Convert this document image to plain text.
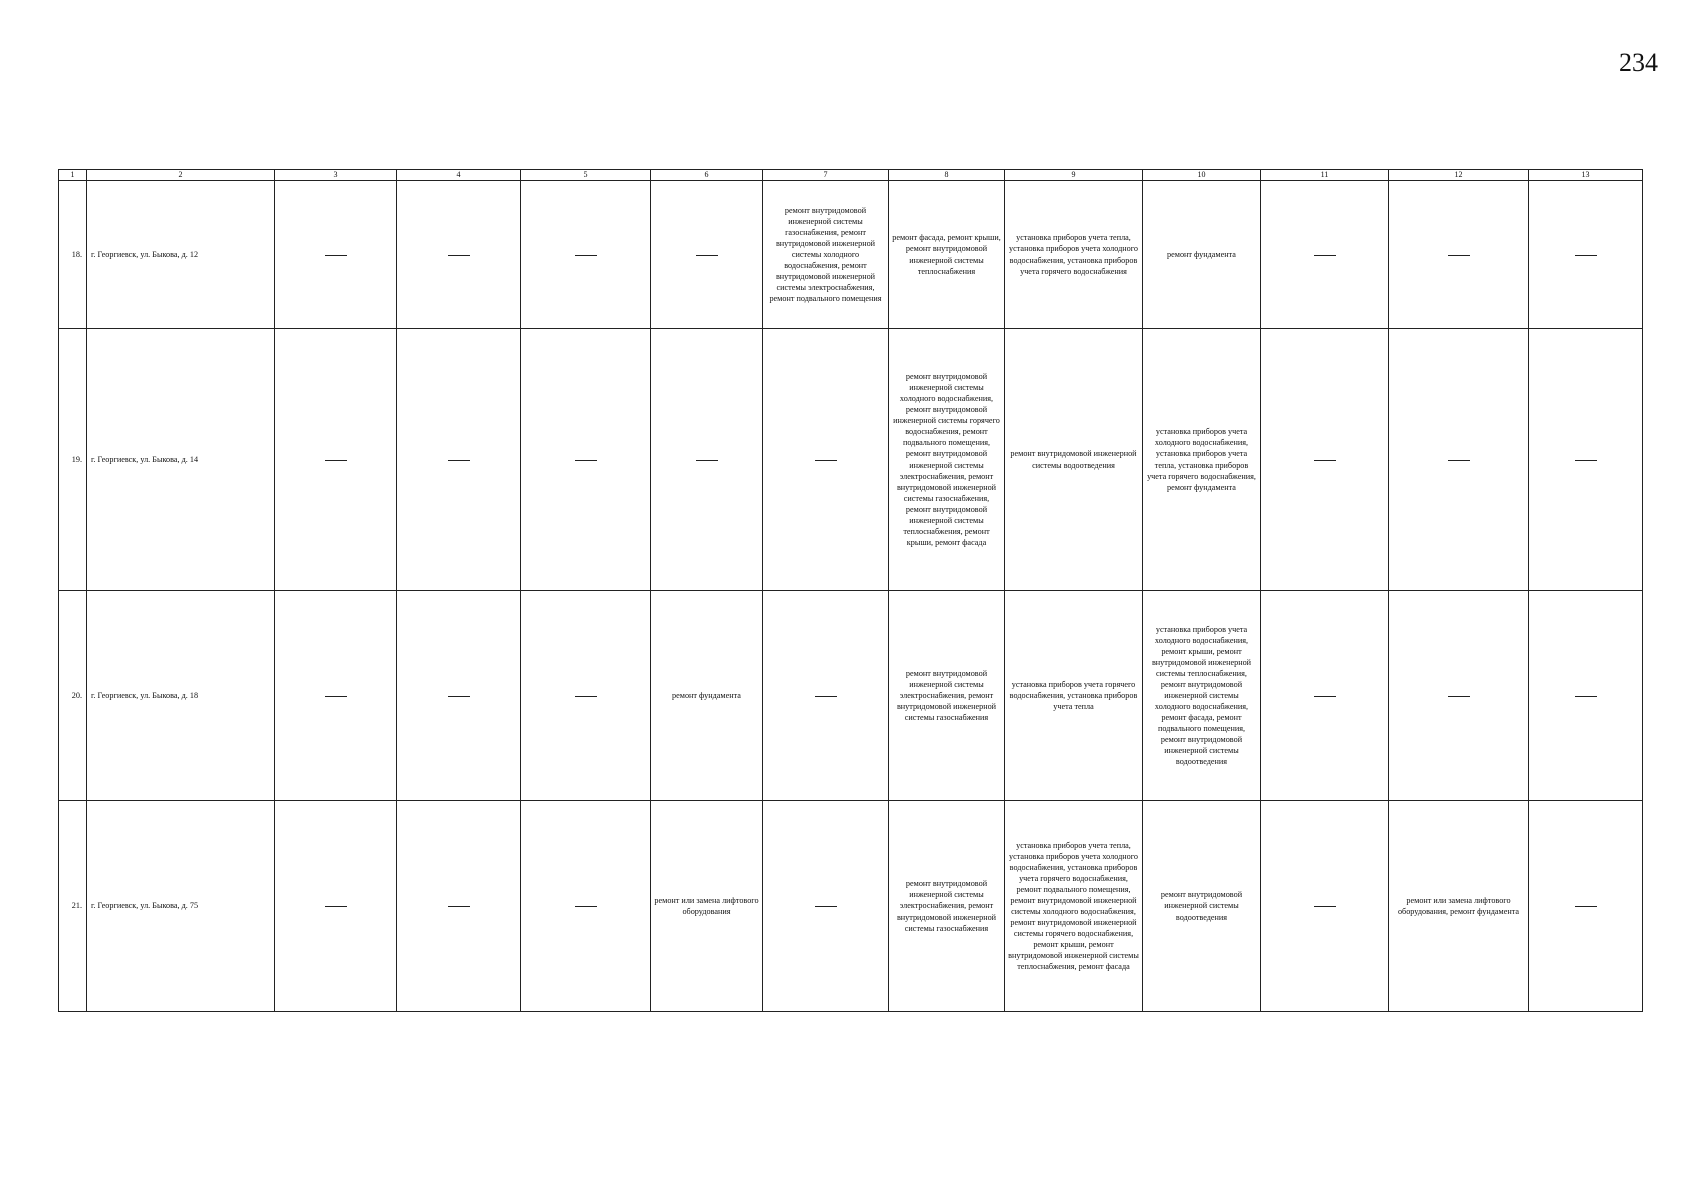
234
1	2	3	4	5	6	7	8	9	10	11	12	13
18.	г. Георгиевск, ул. Быкова, д. 12					ремонт внутридомовой инженерной системы газоснабжения, ремонт внутридомовой инженерной системы холодного водоснабжения, ремонт внутридомовой инженерной системы электроснабжения, ремонт подвального помещения	ремонт фасада, ремонт крыши, ремонт внутридомовой инженерной системы теплоснабжения	установка приборов учета тепла, установка приборов учета холодного водоснабжения, установка приборов учета горячего водоснабжения	ремонт фундамента			
19.	г. Георгиевск, ул. Быкова, д. 14						ремонт внутридомовой инженерной системы холодного водоснабжения, ремонт внутридомовой инженерной системы горячего водоснабжения, ремонт подвального помещения, ремонт внутридомовой инженерной системы электроснабжения, ремонт внутридомовой инженерной системы газоснабжения, ремонт внутридомовой инженерной системы теплоснабжения, ремонт крыши, ремонт фасада	ремонт внутридомовой инженерной системы водоотведения	установка приборов учета холодного водоснабжения, установка приборов учета тепла, установка приборов учета горячего водоснабжения, ремонт фундамента			
20.	г. Георгиевск, ул. Быкова, д. 18				ремонт фундамента		ремонт внутридомовой инженерной системы электроснабжения, ремонт внутридомовой инженерной системы газоснабжения	установка приборов учета горячего водоснабжения, установка приборов учета тепла	установка приборов учета холодного водоснабжения, ремонт крыши, ремонт внутридомовой инженерной системы теплоснабжения, ремонт внутридомовой инженерной системы холодного водоснабжения, ремонт фасада, ремонт подвального помещения, ремонт внутридомовой инженерной системы водоотведения			
21.	г. Георгиевск, ул. Быкова, д. 75				ремонт или замена лифтового оборудования		ремонт внутридомовой инженерной системы электроснабжения, ремонт внутридомовой инженерной системы газоснабжения	установка приборов учета тепла, установка приборов учета холодного водоснабжения, установка приборов учета горячего водоснабжения, ремонт подвального помещения, ремонт внутридомовой инженерной системы холодного водоснабжения, ремонт внутридомовой инженерной системы горячего водоснабжения, ремонт крыши, ремонт внутридомовой инженерной системы теплоснабжения, ремонт фасада	ремонт внутридомовой инженерной системы водоотведения		ремонт или замена лифтового оборудования, ремонт фундамента	
